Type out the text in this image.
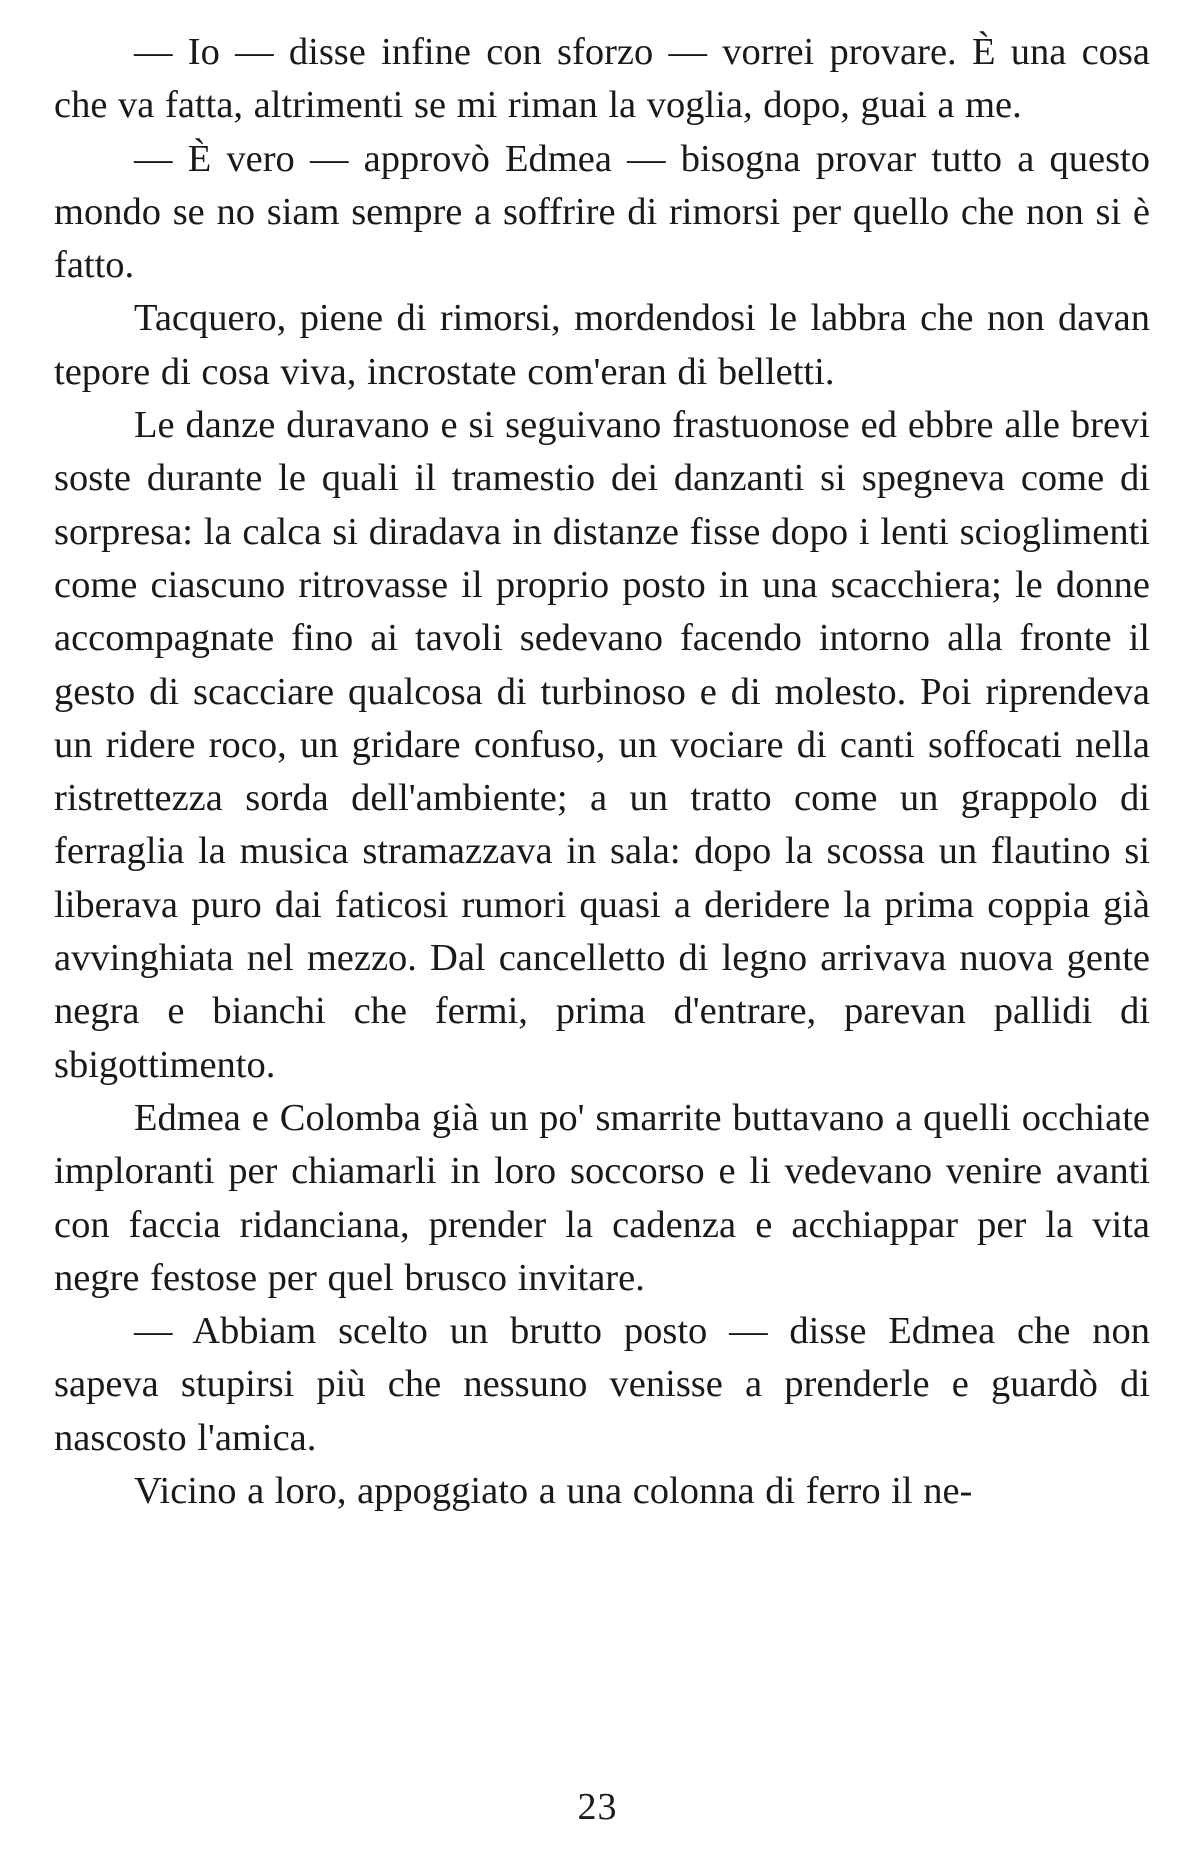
— Io — disse infine con sforzo — vorrei provare. È una cosa che va fatta, altrimenti se mi riman la voglia, dopo, guai a me.

— È vero — approvò Edmea — bisogna provar tutto a questo mondo se no siam sempre a soffrire di rimorsi per quello che non si è fatto.

Tacquero, piene di rimorsi, mordendosi le labbra che non davan tepore di cosa viva, incrostate com'eran di belletti.

Le danze duravano e si seguivano frastuonose ed ebbre alle brevi soste durante le quali il tramestio dei danzanti si spegneva come di sorpresa: la calca si diradava in distanze fisse dopo i lenti scioglimenti come ciascuno ritrovasse il proprio posto in una scacchiera; le donne accompagnate fino ai tavoli sedevano facendo intorno alla fronte il gesto di scacciare qualcosa di turbinoso e di molesto. Poi riprendeva un ridere roco, un gridare confuso, un vociare di canti soffocati nella ristrettezza sorda dell'ambiente; a un tratto come un grappolo di ferraglia la musica stramazzava in sala: dopo la scossa un flautino si liberava puro dai faticosi rumori quasi a deridere la prima coppia già avvinghiata nel mezzo. Dal cancelletto di legno arrivava nuova gente negra e bianchi che fermi, prima d'entrare, parevan pallidi di sbigottimento.

Edmea e Colomba già un po' smarrite buttavano a quelli occhiate imploranti per chiamarli in loro soccorso e li vedevano venire avanti con faccia ridanciana, prender la cadenza e acchiappar per la vita negre festose per quel brusco invitare.

— Abbiam scelto un brutto posto — disse Edmea che non sapeva stupirsi più che nessuno venisse a prenderle e guardò di nascosto l'amica.

Vicino a loro, appoggiato a una colonna di ferro il ne-

23
